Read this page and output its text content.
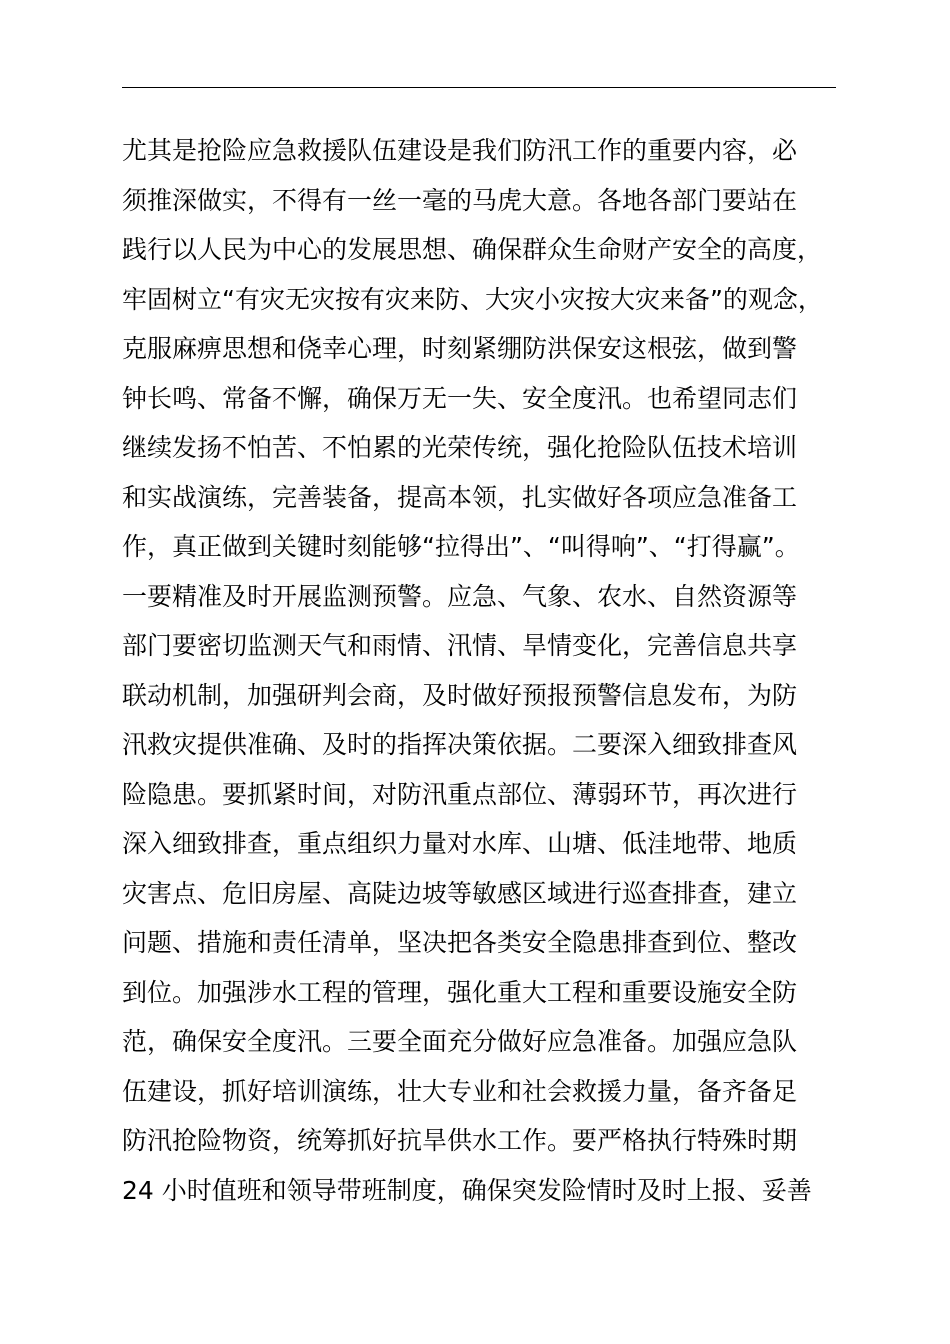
尤其是抢险应急救援队伍建设是我们防汛工作的重要内容，必
须推深做实，不得有一丝一毫的马虎大意。各地各部门要站在
践行以人民为中心的发展思想、确保群众生命财产安全的高度，
牢固树立“有灾无灾按有灾来防、大灾小灾按大灾来备”的观念，
克服麻痹思想和侥幸心理，时刻紧绷防洪保安这根弦，做到警
钟长鸣、常备不懈，确保万无一失、安全度汛。也希望同志们
继续发扬不怕苦、不怕累的光荣传统，强化抢险队伍技术培训
和实战演练，完善装备，提高本领，扎实做好各项应急准备工
作，真正做到关键时刻能够“拉得出”、“叫得响”、“打得赢”。
一要精准及时开展监测预警。应急、气象、农水、自然资源等
部门要密切监测天气和雨情、汛情、旱情变化，完善信息共享
联动机制，加强研判会商，及时做好预报预警信息发布，为防
汛救灾提供准确、及时的指挥决策依据。二要深入细致排查风
险隐患。要抓紧时间，对防汛重点部位、薄弱环节，再次进行
深入细致排查，重点组织力量对水库、山塘、低洼地带、地质
灾害点、危旧房屋、高陡边坡等敏感区域进行巡查排查，建立
问题、措施和责任清单，坚决把各类安全隐患排查到位、整改
到位。加强涉水工程的管理，强化重大工程和重要设施安全防
范，确保安全度汛。三要全面充分做好应急准备。加强应急队
伍建设，抓好培训演练，壮大专业和社会救援力量，备齐备足
防汛抢险物资，统筹抓好抗旱供水工作。要严格执行特殊时期
24 小时值班和领导带班制度，确保突发险情时及时上报、妥善
